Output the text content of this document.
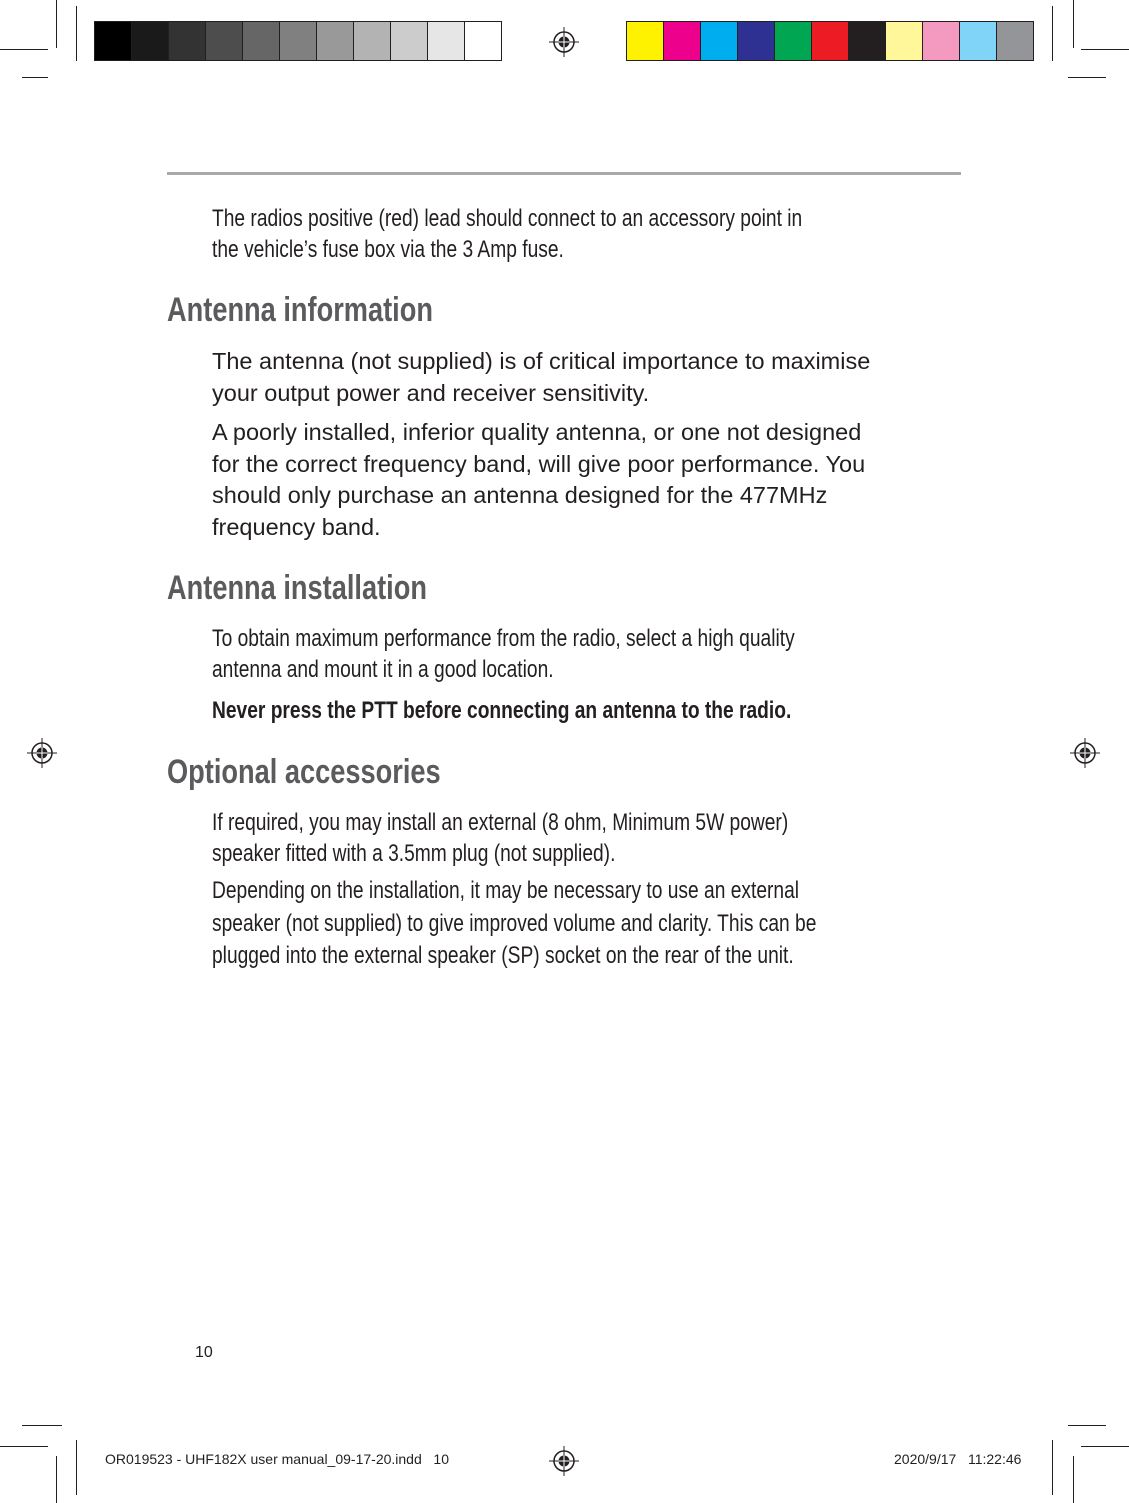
The radios positive (red) lead should connect to an accessory point in
the vehicle’s fuse box via the 3 Amp fuse.

Antenna information

The antenna (not supplied) is of critical importance to maximise
your output power and receiver sensitivity.

A poorly installed, inferior quality antenna, or one not designed
for the correct frequency band, will give poor performance. You
should only purchase an antenna designed for the 477MHz
frequency band.

Antenna installation

To obtain maximum performance from the radio, select a high quality
antenna and mount it in a good location.

Never press the PTT before connecting an antenna to the radio.

Optional accessories

If required, you may install an external (8 ohm, Minimum 5W power)
speaker fitted with a 3.5mm plug (not supplied).

Depending on the installation, it may be necessary to use an external
speaker (not supplied) to give improved volume and clarity. This can be
plugged into the external speaker (SP) socket on the rear of the unit.

10
OR019523 - UHF182X user manual_09-17-20.indd   10	2020/9/17   11:22:46
